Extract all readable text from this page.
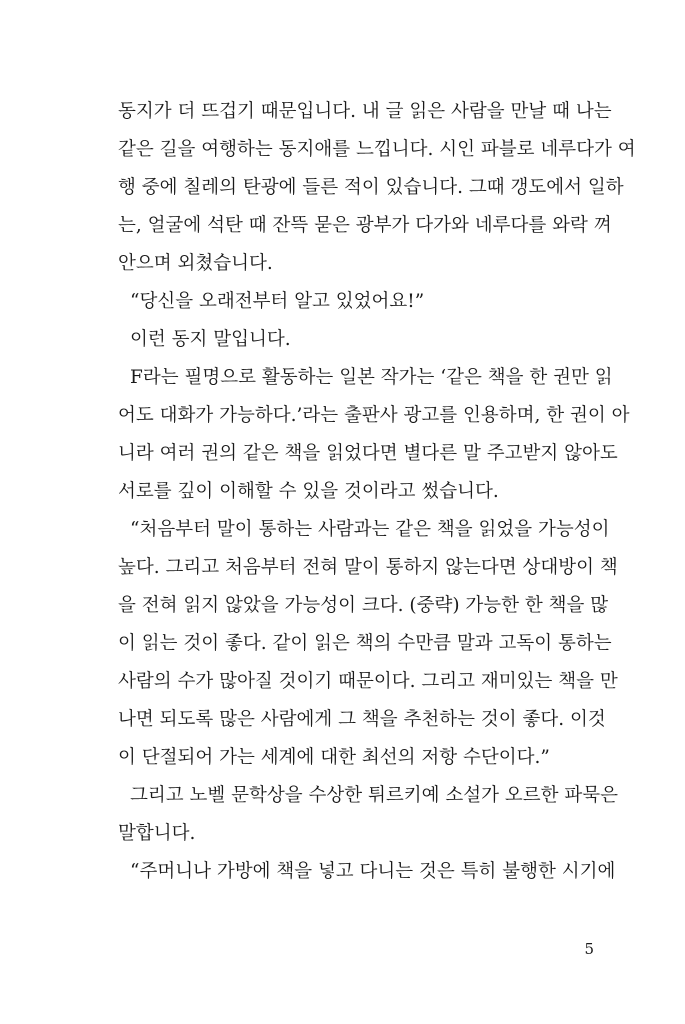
동지가 더 뜨겁기 때문입니다. 내 글 읽은 사람을 만날 때 나는
같은 길을 여행하는 동지애를 느낍니다. 시인 파블로 네루다가 여
행 중에 칠레의 탄광에 들른 적이 있습니다. 그때 갱도에서 일하
는, 얼굴에 석탄 때 잔뜩 묻은 광부가 다가와 네루다를 와락 껴
안으며 외쳤습니다.
“당신을 오래전부터 알고 있었어요!”
이런 동지 말입니다.
F라는 필명으로 활동하는 일본 작가는 ‘같은 책을 한 권만 읽
어도 대화가 가능하다.’라는 출판사 광고를 인용하며, 한 권이 아
니라 여러 권의 같은 책을 읽었다면 별다른 말 주고받지 않아도
서로를 깊이 이해할 수 있을 것이라고 썼습니다.
“처음부터 말이 통하는 사람과는 같은 책을 읽었을 가능성이
높다. 그리고 처음부터 전혀 말이 통하지 않는다면 상대방이 책
을 전혀 읽지 않았을 가능성이 크다. (중략) 가능한 한 책을 많
이 읽는 것이 좋다. 같이 읽은 책의 수만큼 말과 고독이 통하는
사람의 수가 많아질 것이기 때문이다. 그리고 재미있는 책을 만
나면 되도록 많은 사람에게 그 책을 추천하는 것이 좋다. 이것
이 단절되어 가는 세계에 대한 최선의 저항 수단이다.”
그리고 노벨 문학상을 수상한 튀르키예 소설가 오르한 파묵은
말합니다.
“주머니나 가방에 책을 넣고 다니는 것은 특히 불행한 시기에
5
